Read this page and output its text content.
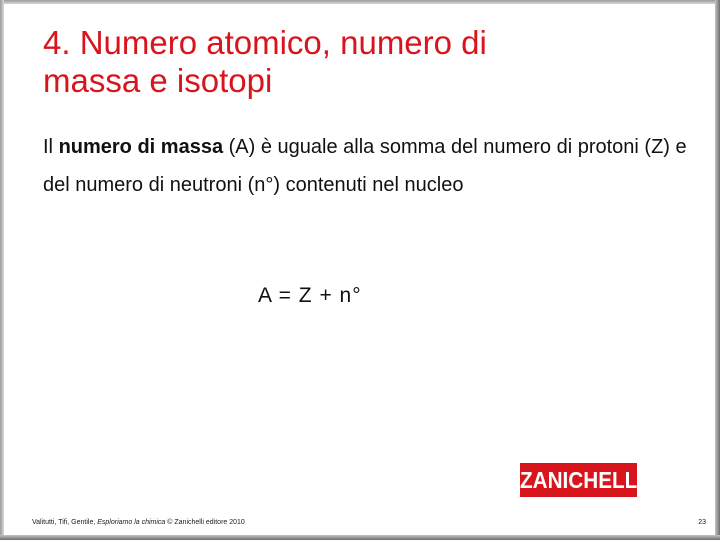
4. Numero atomico, numero di
massa e isotopi

Il numero di massa (A) è uguale alla somma del numero di protoni (Z) e del numero di neutroni (n°) contenuti nel nucleo

A = Z + n°

ZANICHELLI
Valitutti, Tifi, Gentile, Esploriamo la chimica © Zanichelli editore 2010	23
